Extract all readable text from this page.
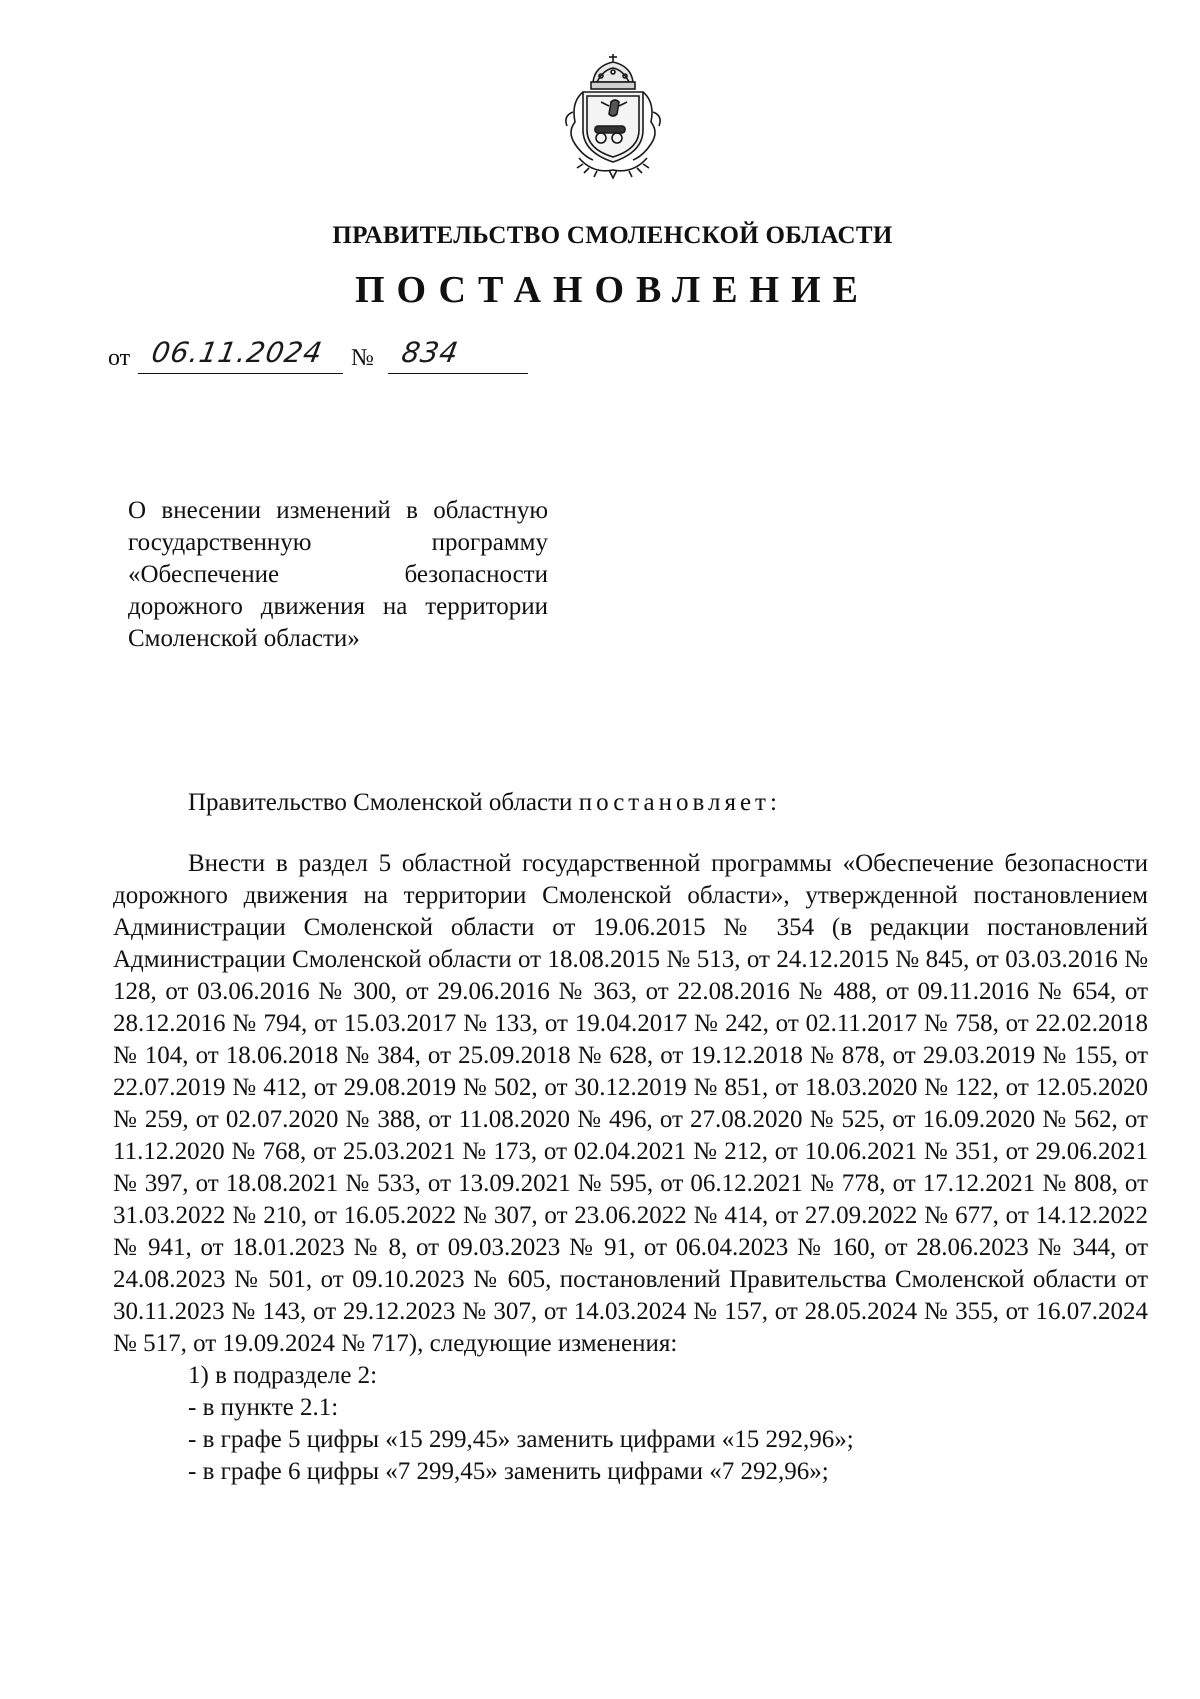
ПРАВИТЕЛЬСТВО СМОЛЕНСКОЙ ОБЛАСТИ
ПОСТАНОВЛЕНИЕ
от 06.11.2024 № 834
О внесении изменений в областную государственную программу «Обеспечение безопасности дорожного движения на территории Смоленской области»

Правительство Смоленской области постановляет:

Внести в раздел 5 областной государственной программы «Обеспечение безопасности дорожного движения на территории Смоленской области», утвержденной постановлением Администрации Смоленской области от 19.06.2015 № 354 (в редакции постановлений Администрации Смоленской области от 18.08.2015 № 513, от 24.12.2015 № 845, от 03.03.2016 № 128, от 03.06.2016 № 300, от 29.06.2016 № 363, от 22.08.2016 № 488, от 09.11.2016 № 654, от 28.12.2016 № 794, от 15.03.2017 № 133, от 19.04.2017 № 242, от 02.11.2017 № 758, от 22.02.2018 № 104, от 18.06.2018 № 384, от 25.09.2018 № 628, от 19.12.2018 № 878, от 29.03.2019 № 155, от 22.07.2019 № 412, от 29.08.2019 № 502, от 30.12.2019 № 851, от 18.03.2020 № 122, от 12.05.2020 № 259, от 02.07.2020 № 388, от 11.08.2020 № 496, от 27.08.2020 № 525, от 16.09.2020 № 562, от 11.12.2020 № 768, от 25.03.2021 № 173, от 02.04.2021 № 212, от 10.06.2021 № 351, от 29.06.2021 № 397, от 18.08.2021 № 533, от 13.09.2021 № 595, от 06.12.2021 № 778, от 17.12.2021 № 808, от 31.03.2022 № 210, от 16.05.2022 № 307, от 23.06.2022 № 414, от 27.09.2022 № 677, от 14.12.2022 № 941, от 18.01.2023 № 8, от 09.03.2023 № 91, от 06.04.2023 № 160, от 28.06.2023 № 344, от 24.08.2023 № 501, от 09.10.2023 № 605, постановлений Правительства Смоленской области от 30.11.2023 № 143, от 29.12.2023 № 307, от 14.03.2024 № 157, от 28.05.2024 № 355, от 16.07.2024 № 517, от 19.09.2024 № 717), следующие изменения:

1) в подразделе 2:

- в пункте 2.1:

- в графе 5 цифры «15 299,45» заменить цифрами «15 292,96»;

- в графе 6 цифры «7 299,45» заменить цифрами «7 292,96»;
